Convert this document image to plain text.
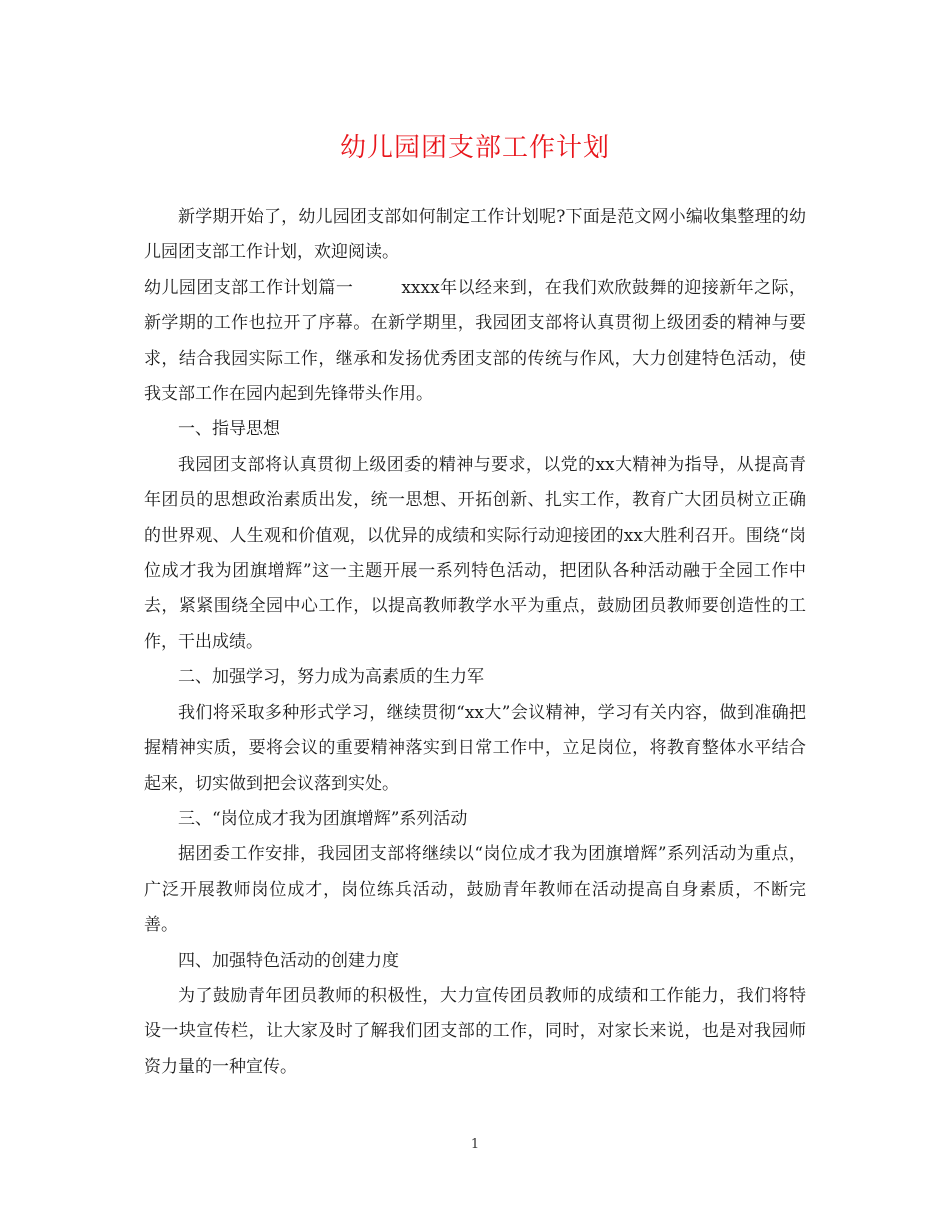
幼儿园团支部工作计划

新学期开始了，幼儿园团支部如何制定工作计划呢?下面是范文网小编收集整理的幼儿园团支部工作计划，欢迎阅读。

幼儿园团支部工作计划篇一	xxxx年以经来到，在我们欢欣鼓舞的迎接新年之际，新学期的工作也拉开了序幕。在新学期里，我园团支部将认真贯彻上级团委的精神与要求，结合我园实际工作，继承和发扬优秀团支部的传统与作风，大力创建特色活动，使我支部工作在园内起到先锋带头作用。

一、指导思想

我园团支部将认真贯彻上级团委的精神与要求，以党的xx大精神为指导，从提高青年团员的思想政治素质出发，统一思想、开拓创新、扎实工作，教育广大团员树立正确的世界观、人生观和价值观，以优异的成绩和实际行动迎接团的xx大胜利召开。围绕“岗位成才我为团旗增辉”这一主题开展一系列特色活动，把团队各种活动融于全园工作中去，紧紧围绕全园中心工作，以提高教师教学水平为重点，鼓励团员教师要创造性的工作，干出成绩。

二、加强学习，努力成为高素质的生力军

我们将采取多种形式学习，继续贯彻“xx大”会议精神，学习有关内容，做到准确把握精神实质，要将会议的重要精神落实到日常工作中，立足岗位，将教育整体水平结合起来，切实做到把会议落到实处。

三、“岗位成才我为团旗增辉”系列活动

据团委工作安排，我园团支部将继续以“岗位成才我为团旗增辉”系列活动为重点，广泛开展教师岗位成才，岗位练兵活动，鼓励青年教师在活动提高自身素质，不断完善。

四、加强特色活动的创建力度

为了鼓励青年团员教师的积极性，大力宣传团员教师的成绩和工作能力，我们将特设一块宣传栏，让大家及时了解我们团支部的工作，同时，对家长来说，也是对我园师资力量的一种宣传。

1
